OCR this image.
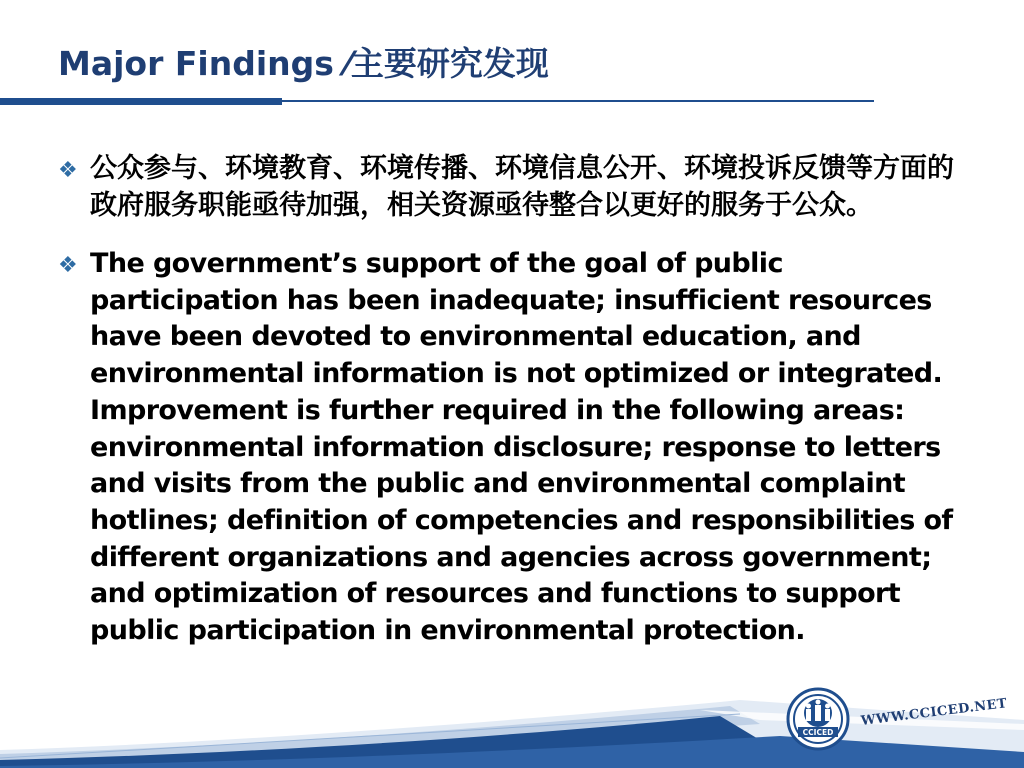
Major Findings ⁄主要研究发现
❖ 公众参与、环境教育、环境传播、环境信息公开、环境投诉反馈等方面的政府服务职能亟待加强，相关资源亟待整合以更好的服务于公众。
❖ The government’s support of the goal of public participation has been inadequate; insufficient resources have been devoted to environmental education, and environmental information is not optimized or integrated. Improvement is further required in the following areas: environmental information disclosure; response to letters and visits from the public and environmental complaint hotlines; definition of competencies and responsibilities of different organizations and agencies across government; and optimization of resources and functions to support public participation in environmental protection.
CCICED
WWW.CCICED.NET
